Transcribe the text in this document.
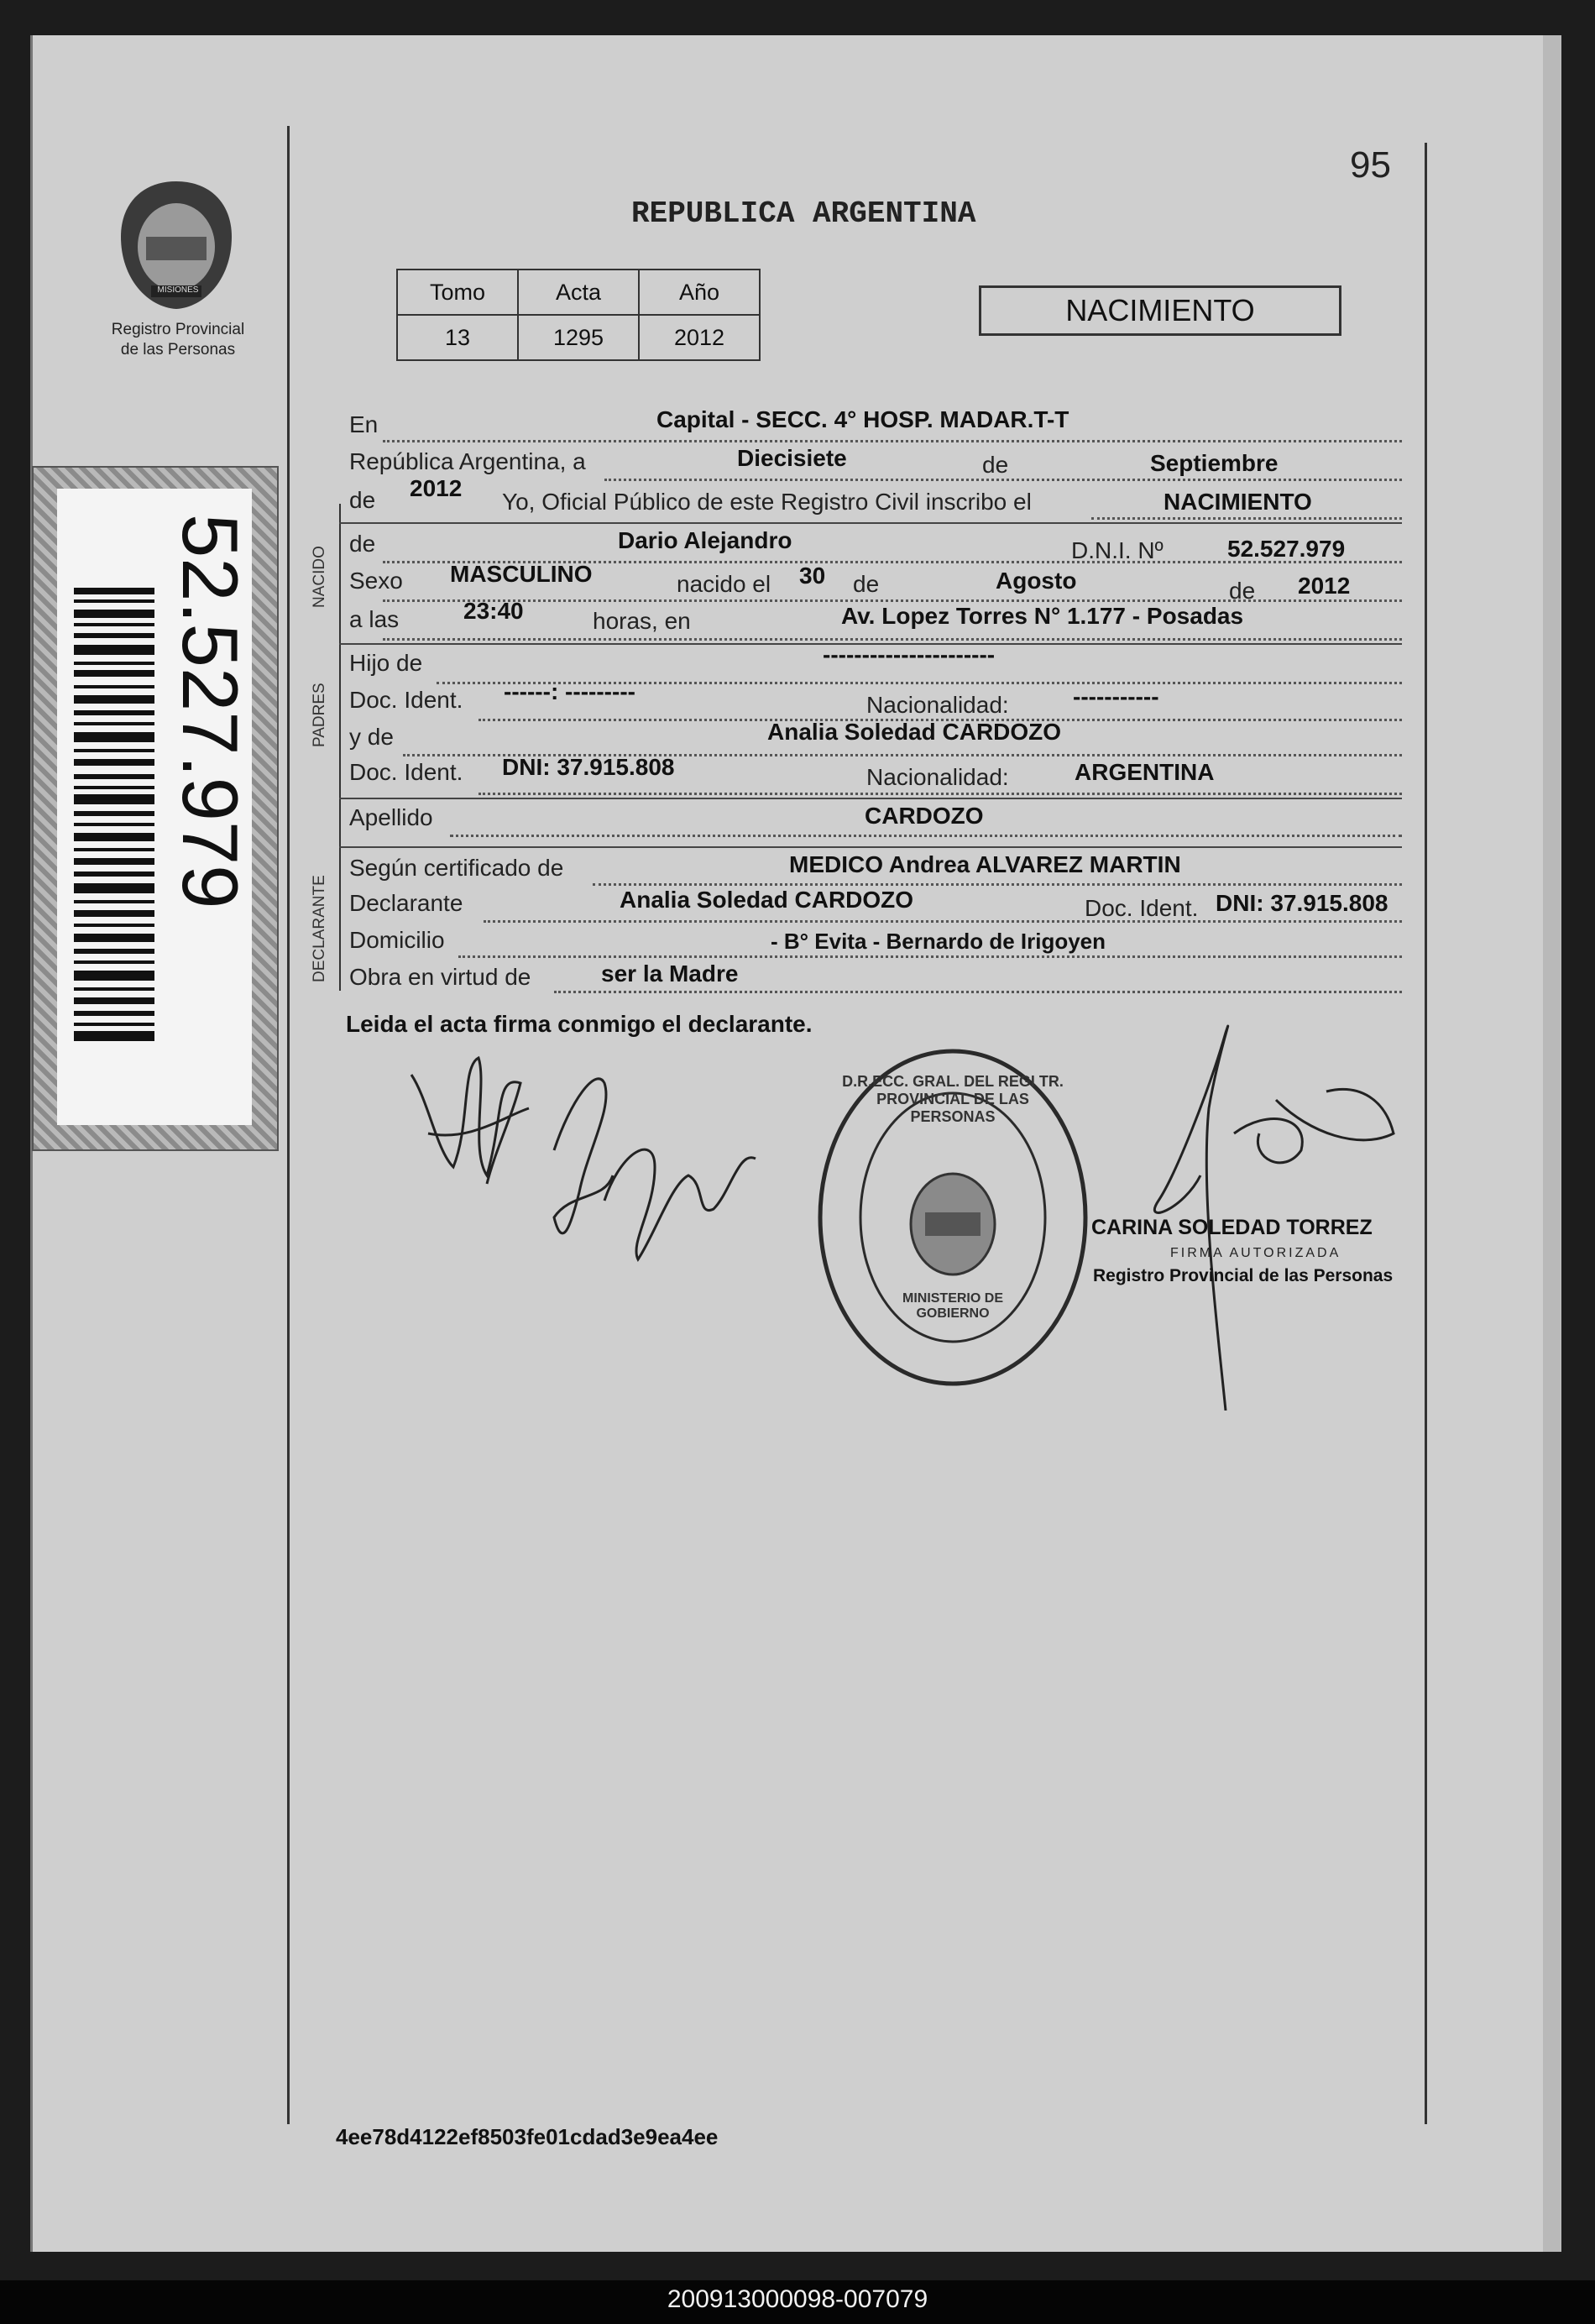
95
MISIONES
Registro Provincial
de las Personas
52.527.979
REPUBLICA ARGENTINA
Tomo	Acta	Año
13	1295	2012
NACIMIENTO
NACIDO
PADRES
DECLARANTE
En	Capital - SECC. 4° HOSP. MADAR.T-T
República Argentina, a	Diecisiete	de	Septiembre
de 2012
Yo, Oficial Público de este Registro Civil inscribo el	NACIMIENTO
de	Dario Alejandro	D.N.I. Nº	52.527.979
Sexo MASCULINO	nacido el 30 de	Agosto	de 2012
a las	23:40	horas, en	Av. Lopez Torres N° 1.177 - Posadas
Hijo de	----------------------
Doc. Ident. ------: ---------
Nacionalidad:	-----------
y de	Analia Soledad CARDOZO
Doc. Ident. DNI: 37.915.808	Nacionalidad:	ARGENTINA
Apellido	CARDOZO
Según certificado de	MEDICO Andrea ALVAREZ MARTIN
Declarante	Analia Soledad CARDOZO	Doc. Ident. DNI: 37.915.808
Domicilio	- B° Evita - Bernardo de Irigoyen
Obra en virtud de	ser la Madre
Leida el acta firma conmigo el declarante.
D.R.ECC. GRAL. DEL REGI TR. PROVINCIAL DE LAS PERSONAS
MINISTERIO DE GOBIERNO
CARINA SOLEDAD TORREZ
FIRMA AUTORIZADA
Registro Provincial de las Personas
4ee78d4122ef8503fe01cdad3e9ea4ee
200913000098-007079
